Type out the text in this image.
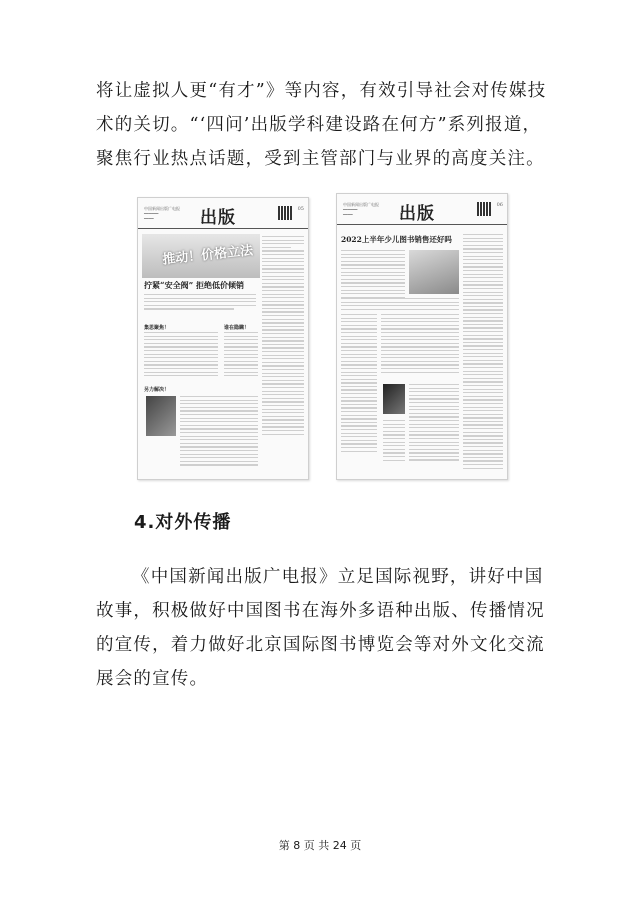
将让虚拟人更“有才”》等内容，有效引导社会对传媒技术的关切。“‘四问’出版学科建设路在何方”系列报道，聚焦行业热点话题，受到主管部门与业界的高度关注。
中国新闻出版广电报
━━━━━━
━━━━	出版	05
推动！价格立法
拧紧“安全阀” 拒绝低价倾销
集思聚焦！	谁在隐瞒！
另力解决！
中国新闻出版广电报
━━━━━━
━━━━	出版	06
2022上半年少儿图书销售还好吗
4.对外传播
《中国新闻出版广电报》立足国际视野，讲好中国故事，积极做好中国图书在海外多语种出版、传播情况的宣传，着力做好北京国际图书博览会等对外文化交流展会的宣传。
第 8 页 共 24 页
